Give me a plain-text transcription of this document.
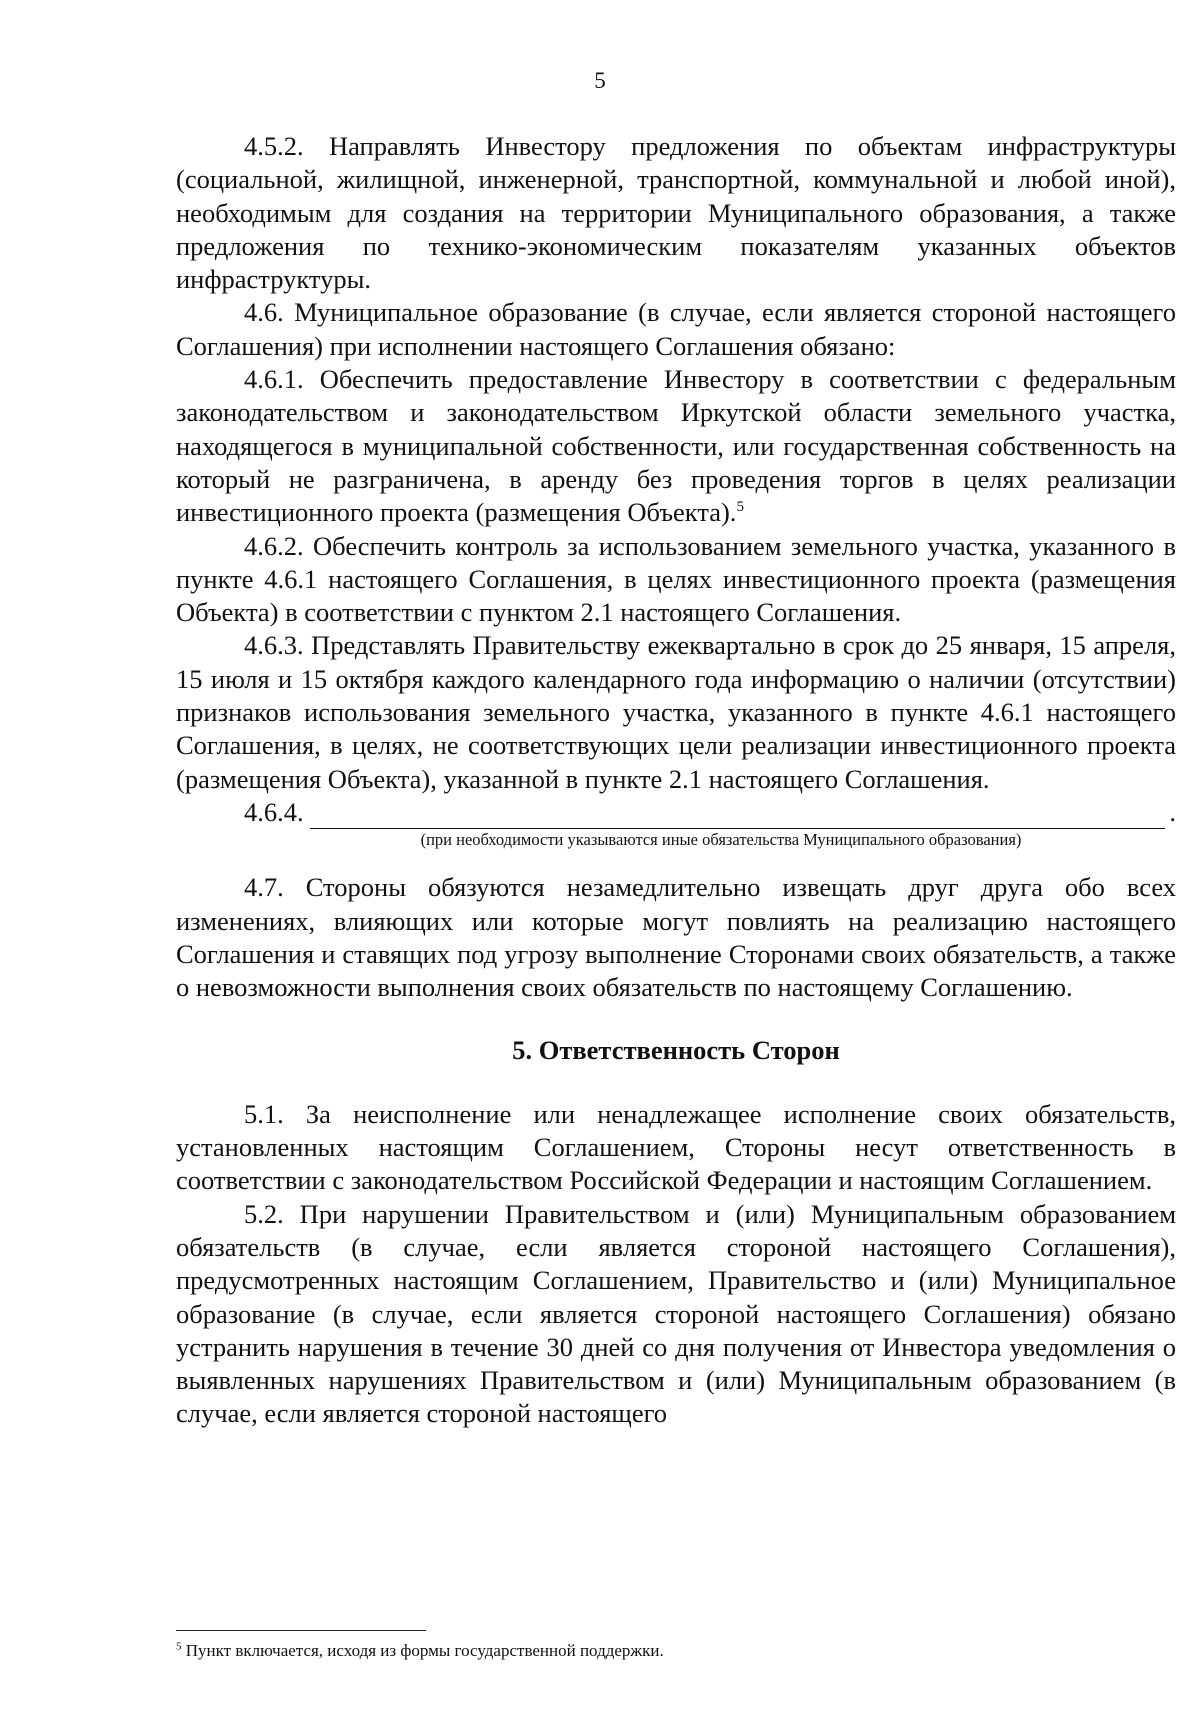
5

4.5.2. Направлять Инвестору предложения по объектам инфраструктуры (социальной, жилищной, инженерной, транспортной, коммунальной и любой иной), необходимым для создания на территории Муниципального образования, а также предложения по технико-экономическим показателям указанных объектов инфраструктуры.

4.6. Муниципальное образование (в случае, если является стороной настоящего Соглашения) при исполнении настоящего Соглашения обязано:

4.6.1. Обеспечить предоставление Инвестору в соответствии с федеральным законодательством и законодательством Иркутской области земельного участка, находящегося в муниципальной собственности, или государственная собственность на который не разграничена, в аренду без проведения торгов в целях реализации инвестиционного проекта (размещения Объекта).$^5$

4.6.2. Обеспечить контроль за использованием земельного участка, указанного в пункте 4.6.1 настоящего Соглашения, в целях инвестиционного проекта (размещения Объекта) в соответствии с пунктом 2.1 настоящего Соглашения.

4.6.3. Представлять Правительству ежеквартально в срок до 25 января, 15 апреля, 15 июля и 15 октября каждого календарного года информацию о наличии (отсутствии) признаков использования земельного участка, указанного в пункте 4.6.1 настоящего Соглашения, в целях, не соответствующих цели реализации инвестиционного проекта (размещения Объекта), указанной в пункте 2.1 настоящего Соглашения.

4.6.4.	.
(при необходимости указываются иные обязательства Муниципального образования)

4.7. Стороны обязуются незамедлительно извещать друг друга обо всех изменениях, влияющих или которые могут повлиять на реализацию настоящего Соглашения и ставящих под угрозу выполнение Сторонами своих обязательств, а также о невозможности выполнения своих обязательств по настоящему Соглашению.

5. Ответственность Сторон

5.1. За неисполнение или ненадлежащее исполнение своих обязательств, установленных настоящим Соглашением, Стороны несут ответственность в соответствии с законодательством Российской Федерации и настоящим Соглашением.

5.2. При нарушении Правительством и (или) Муниципальным образованием обязательств (в случае, если является стороной настоящего Соглашения), предусмотренных настоящим Соглашением, Правительство и (или) Муниципальное образование (в случае, если является стороной настоящего Соглашения) обязано устранить нарушения в течение 30 дней со дня получения от Инвестора уведомления о выявленных нарушениях Правительством и (или) Муниципальным образованием (в случае, если является стороной настоящего

$^5$ Пункт включается, исходя из формы государственной поддержки.
